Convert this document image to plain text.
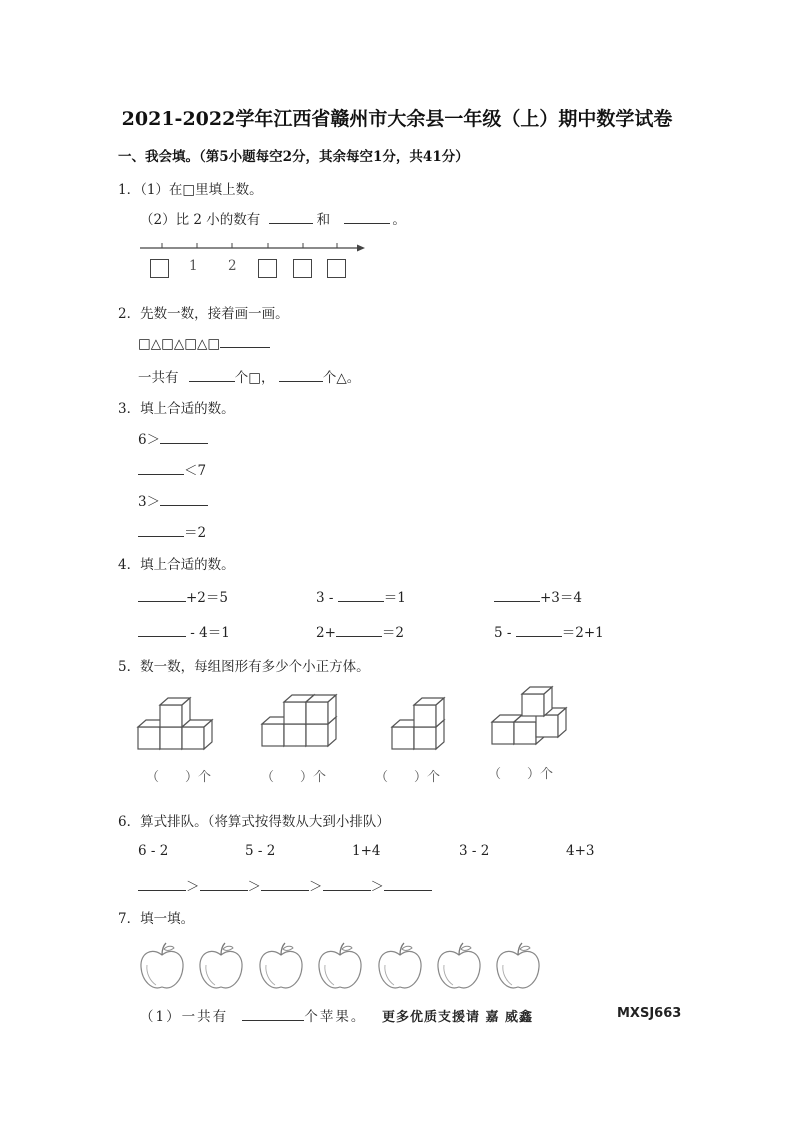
2021-2022学年江西省赣州市大余县一年级（上）期中数学试卷
一、我会填。（第5小题每空2分，其余每空1分，共41分）
1．（1）在□里填上数。
（2）比 2 小的数有	和	。
1 2
2．先数一数，接着画一画。
□△□△□△□
一共有	个□，	个△。
3．填上合适的数。
6＞
＜7
3＞
＝2
4．填上合适的数。
+2＝5	3 -	＝1	+3＝4
- 4＝1	2+	＝2	5 -	＝2+1
5．数一数，每组图形有多少个小正方体。
（　　）个	（　　）个	（　　）个	（　　）个
6．算式排队。（将算式按得数从大到小排队）
6 - 2	5 - 2	1+4	3 - 2	4+3
＞	＞	＞	＞
7．填一填。
（1）一共有	个苹果。 更多优质支援请 嘉 威鑫	MXSJ663
